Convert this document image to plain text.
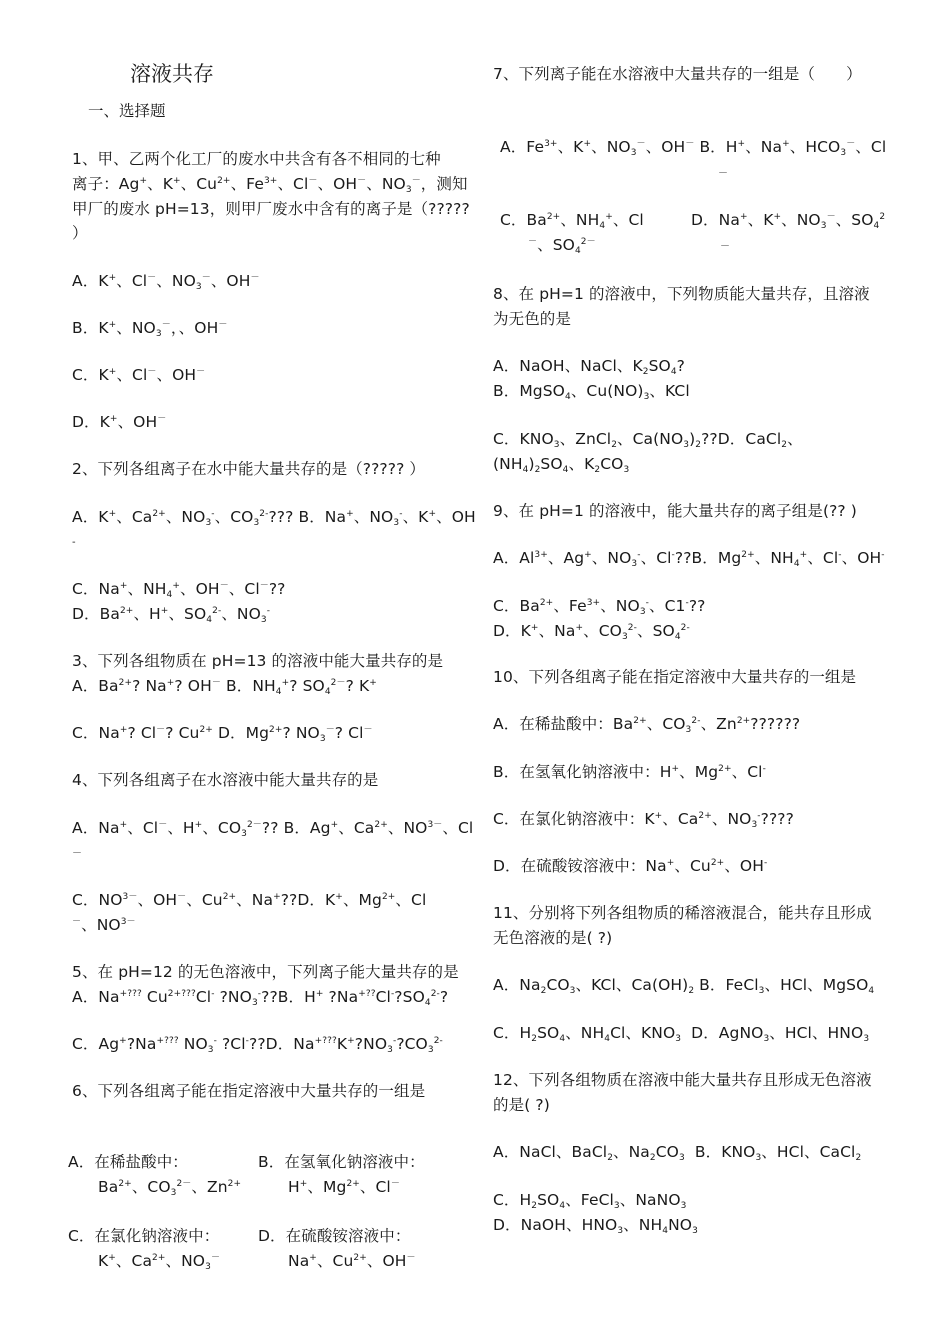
溶液共存
一、选择题
1、甲、乙两个化工厂的废水中共含有各不相同的七种
离子：Ag+、K+、$Cu^{2+}$、$Fe^{3+}$、Cl－、OH－、$NO_3^-$，测知
甲厂的废水 pH=13，则甲厂废水中含有的离子是（?????
）
A．K+、Cl－、$NO_3^-$、OH－
B．K+、$NO_3^-$，、OH－
C．K+、Cl－、OH－
D．K+、OH－
2、下列各组离子在水中能大量共存的是（????? ）
A．K+、$Ca^{2+}$、$NO_3^-$、$CO_3^{2-}$??? B．Na+、$NO_3^-$、K+、OH
-
C．Na+、$NH_4^+$、OH－、Cl－??
D．$Ba^{2+}$、H+、$SO_4^{2-}$、$NO_3^-$
3、下列各组物质在 pH=13 的溶液中能大量共存的是
A．$Ba^{2+}$? Na+? OH－ B．$NH_4^+$? $SO_4^{2-}$? K+
C．Na+? Cl－? $Cu^{2+}$ D．$Mg^{2+}$? $NO_3^-$? Cl－
4、下列各组离子在水溶液中能大量共存的是
A．Na+、Cl－、H+、$CO_3^{2-}$?? B．Ag+、$Ca^{2+}$、$NO^{3-}$、Cl
－
C．$NO^{3-}$、OH－、$Cu^{2+}$、Na+??D．K+、$Mg^{2+}$、Cl
－、$NO^{3-}$
5、在 pH=12 的无色溶液中，下列离子能大量共存的是
A．Na+??? $Cu^{2+???}Cl^-$ $?NO_3^-??B$．H+ $?Na^{+??}Cl^-?SO_4^{2-}$?
C．Ag+?Na+??? $NO_3^-$ ?Cl-??D．$Na^{+???}K^+?NO_3^-?CO_3^{2-}$
6、下列各组离子能在指定溶液中大量共存的一组是
A．在稀盐酸中：
$Ba^{2+}$、$CO_3^{2-}$、$Zn^{2+}$
B．在氢氧化钠溶液中：
H+、$Mg^{2+}$、Cl－
C．在氯化钠溶液中：
K+、$Ca^{2+}$、$NO_3^-$
D．在硫酸铵溶液中：
Na+、$Cu^{2+}$、OH－
7、下列离子能在水溶液中大量共存的一组是（　　）
A．$Fe^{3+}$、K+、$NO_3^-$、OH－ B．H+、Na+、$HCO_3^-$、Cl
－
C．$Ba^{2+}$、$NH_4^+$、Cl
－、$SO_4^{2-}$
D．Na+、K+、$NO_3^-$、$SO_4^2$
－
8、在 pH=1 的溶液中，下列物质能大量共存，且溶液
为无色的是
A．NaOH、NaCl、$K_2SO_4$?
B．MgSO$_4$、$Cu(NO)_3$、KCl
C．$KNO_3$、ZnCl$_2$、$Ca(NO_3)_2??D$．CaCl$_2$、
$(NH_4)_2SO_4$、$K_2CO_3$
9、在 pH=1 的溶液中，能大量共存的离子组是(?? )
A．$Al^{3+}$、Ag+、$NO_3^-$、Cl-??B．$Mg^{2+}$、$NH_4^+$、Cl-、OH-
C．$Ba^{2+}$、$Fe^{3+}$、$NO_3^-$、C1-??
D．K+、Na+、$CO_3^{2-}$、$SO_4^{2-}$
10、下列各组离子能在指定溶液中大量共存的一组是
A．在稀盐酸中：$Ba^{2+}$、$CO_3^{2-}$、$Zn^{2+}$??????
B．在氢氧化钠溶液中：H+、$Mg^{2+}$、Cl-
C．在氯化钠溶液中：K+、$Ca^{2+}$、$NO_3^-$????
D．在硫酸铵溶液中：Na+、$Cu^{2+}$、OH-
11、分别将下列各组物质的稀溶液混合，能共存且形成
无色溶液的是( ?)
A．$Na_2CO_3$、KCl、$Ca(OH)_2$ B．FeCl$_3$、HCl、MgSO$_4$
C．$H_2SO_4$、$NH_4Cl$、$KNO_3$  D．AgNO$_3$、HCl、$HNO_3$
12、下列各组物质在溶液中能大量共存且形成无色溶液
的是( ?)
A．NaCl、BaCl$_2$、$Na_2CO_3$  B．$KNO_3$、HCl、CaCl$_2$
C．$H_2SO_4$、FeCl$_3$、NaNO$_3$
D．NaOH、$HNO_3$、$NH_4NO_3$
